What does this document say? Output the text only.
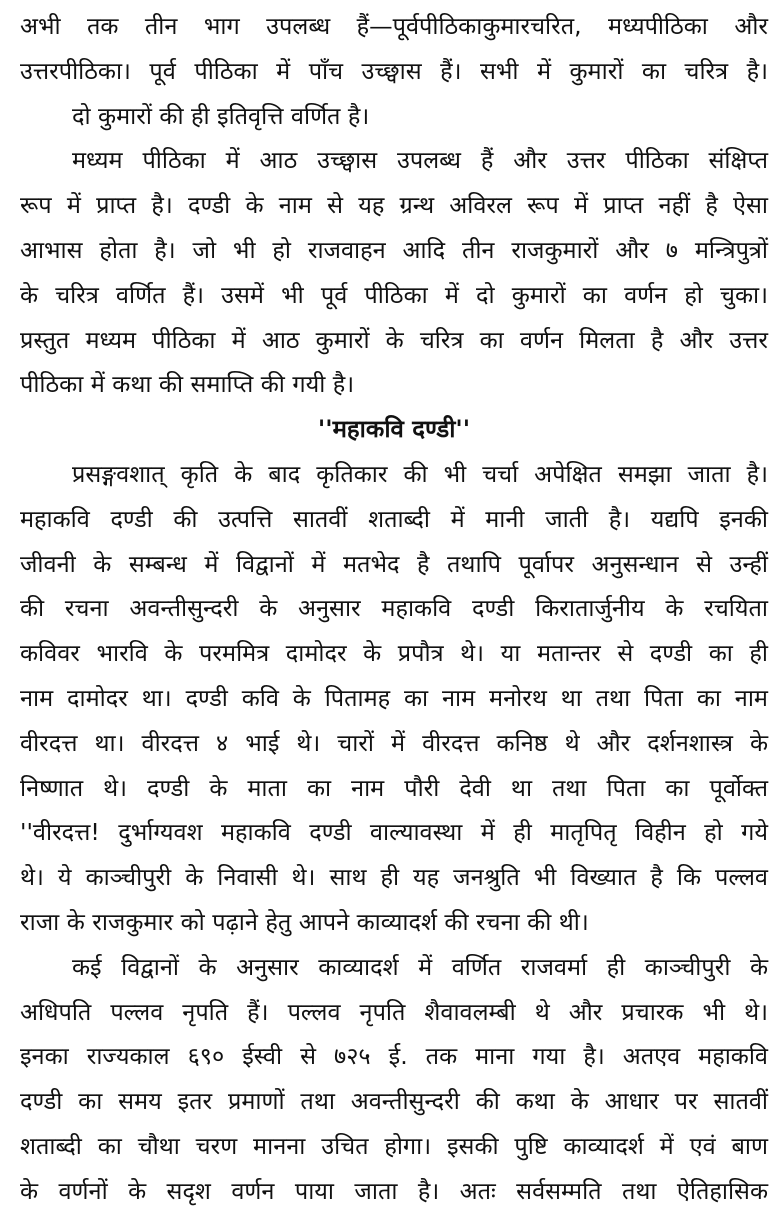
अभी तक तीन भाग उपलब्ध हैं—पूर्वपीठिकाकुमारचरित, मध्यपीठिका और
उत्तरपीठिका। पूर्व पीठिका में पाँच उच्छ्वास हैं। सभी में कुमारों का चरित्र है।
दो कुमारों की ही इतिवृत्ति वर्णित है।
मध्यम पीठिका में आठ उच्छ्वास उपलब्ध हैं और उत्तर पीठिका संक्षिप्त
रूप में प्राप्त है। दण्डी के नाम से यह ग्रन्थ अविरल रूप में प्राप्त नहीं है ऐसा
आभास होता है। जो भी हो राजवाहन आदि तीन राजकुमारों और ७ मन्त्रिपुत्रों
के चरित्र वर्णित हैं। उसमें भी पूर्व पीठिका में दो कुमारों का वर्णन हो चुका।
प्रस्तुत मध्यम पीठिका में आठ कुमारों के चरित्र का वर्णन मिलता है और उत्तर
पीठिका में कथा की समाप्ति की गयी है।
''महाकवि दण्डी''
प्रसङ्गवशात् कृति के बाद कृतिकार की भी चर्चा अपेक्षित समझा जाता है।
महाकवि दण्डी की उत्पत्ति सातवीं शताब्दी में मानी जाती है। यद्यपि इनकी
जीवनी के सम्बन्ध में विद्वानों में मतभेद है तथापि पूर्वापर अनुसन्धान से उन्हीं
की रचना अवन्तीसुन्दरी के अनुसार महाकवि दण्डी किरातार्जुनीय के रचयिता
कविवर भारवि के परममित्र दामोदर के प्रपौत्र थे। या मतान्तर से दण्डी का ही
नाम दामोदर था। दण्डी कवि के पितामह का नाम मनोरथ था तथा पिता का नाम
वीरदत्त था। वीरदत्त ४ भाई थे। चारों में वीरदत्त कनिष्ठ थे और दर्शनशास्त्र के
निष्णात थे। दण्डी के माता का नाम पौरी देवी था तथा पिता का पूर्वोक्त
''वीरदत्त! दुर्भाग्यवश महाकवि दण्डी वाल्यावस्था में ही मातृपितृ विहीन हो गये
थे। ये काञ्चीपुरी के निवासी थे। साथ ही यह जनश्रुति भी विख्यात है कि पल्लव
राजा के राजकुमार को पढ़ाने हेतु आपने काव्यादर्श की रचना की थी।
कई विद्वानों के अनुसार काव्यादर्श में वर्णित राजवर्मा ही काञ्चीपुरी के
अधिपति पल्लव नृपति हैं। पल्लव नृपति शैवावलम्बी थे और प्रचारक भी थे।
इनका राज्यकाल ६९० ईस्वी से ७२५ ई. तक माना गया है। अतएव महाकवि
दण्डी का समय इतर प्रमाणों तथा अवन्तीसुन्दरी की कथा के आधार पर सातवीं
शताब्दी का चौथा चरण मानना उचित होगा। इसकी पुष्टि काव्यादर्श में एवं बाण
के वर्णनों के सदृश वर्णन पाया जाता है। अतः सर्वसम्मति तथा ऐतिहासिक
